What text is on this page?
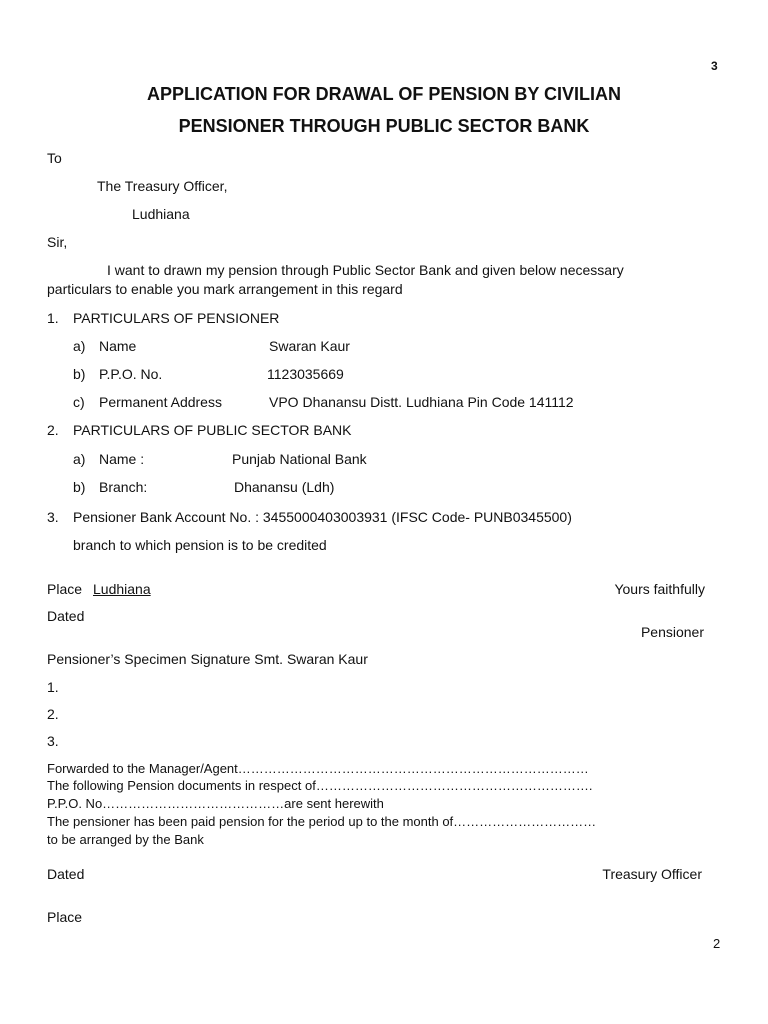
3
APPLICATION FOR DRAWAL OF PENSION BY CIVILIAN
PENSIONER THROUGH PUBLIC SECTOR BANK
To
The Treasury Officer,
Ludhiana
Sir,
I want to drawn my pension through Public Sector Bank and given below necessary
particulars to enable you mark arrangement in this regard
1. PARTICULARS OF PENSIONER
a) Name	Swaran Kaur
b) P.P.O. No.	1123035669
c) Permanent Address	VPO Dhanansu Distt. Ludhiana Pin Code 141112
2. PARTICULARS OF PUBLIC SECTOR BANK
a) Name :	Punjab National Bank
b) Branch:	Dhanansu (Ldh)
3. Pensioner Bank Account No. : 3455000403003931 (IFSC Code- PUNB0345500)
branch to which pension is to be credited
Place Ludhiana	Yours faithfully
Dated
Pensioner
Pensioner’s Specimen Signature Smt. Swaran Kaur
1.
2.
3.
Forwarded to the Manager/Agent………………………………………………………………………
The following Pension documents in respect of……………………………………………………….
P.P.O. No……………………………………are sent herewith
The pensioner has been paid pension for the period up to the month of……………………………
to be arranged by the Bank
Dated	Treasury Officer
Place
2
